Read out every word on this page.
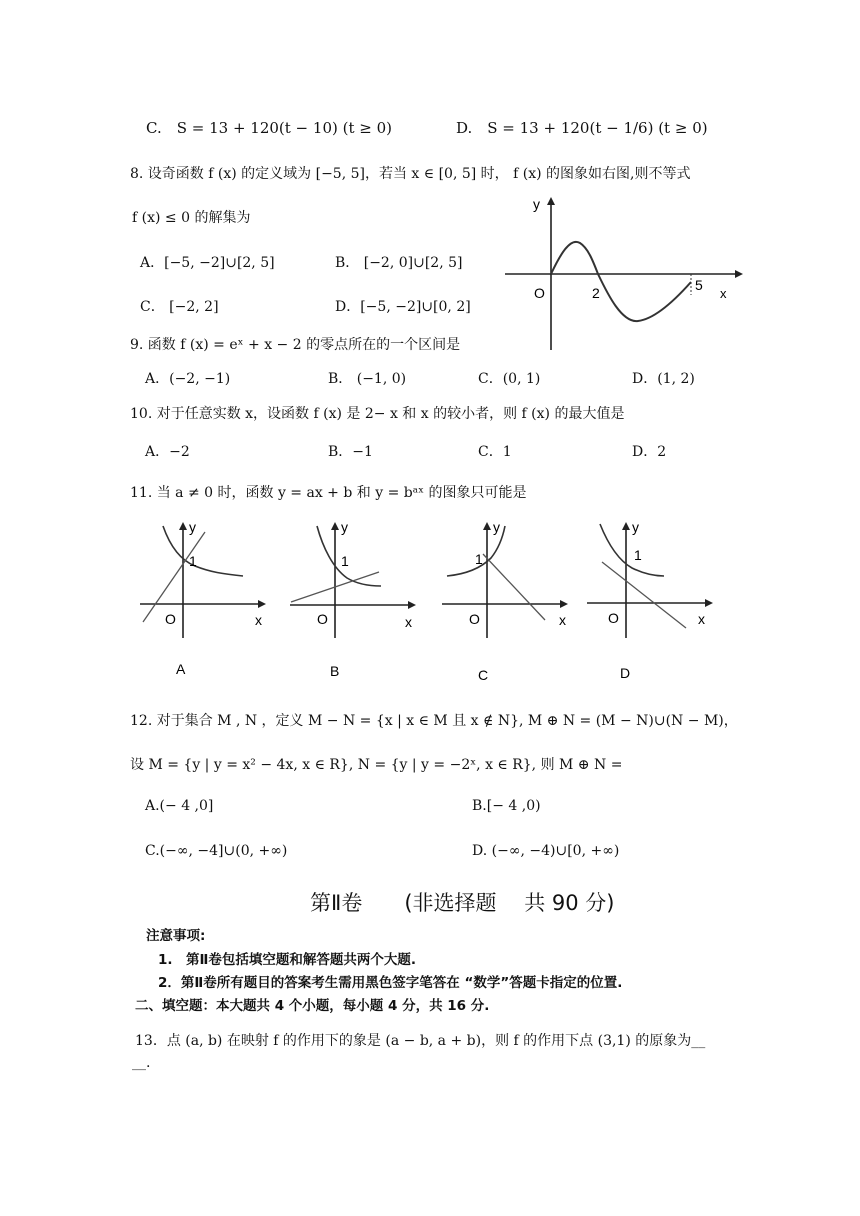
C.　S = 13 + 120(t − 10) (t ≥ 0)	D.　S = 13 + 120(t − 1/6) (t ≥ 0)
8. 设奇函数 f (x) 的定义域为 [−5, 5]，若当 x ∈ [0, 5] 时， f (x) 的图象如右图,则不等式
f (x) ≤ 0 的解集为
A．[−5, −2]∪[2, 5]	B． [−2, 0]∪[2, 5]
C． [−2, 2]	D．[−5, −2]∪[0, 2]
y
x
O	2	5
9. 函数 f (x) = eˣ + x − 2 的零点所在的一个区间是
A．(−2, −1)	B． (−1, 0)	C．(0, 1)	D．(1, 2)
10. 对于任意实数 x，设函数 f (x) 是 2− x 和 x 的较小者，则 f (x) 的最大值是
A．−2	B．−1	C．1	D．2
11. 当 a ≠ 0 时，函数 y = ax + b 和 y = bᵃˣ 的图象只可能是
y
1
O	x
A
y
1
O	x
B
y
1
O	x
C
y
1
O	x
D
12. 对于集合 M , N ，定义 M − N = {x | x ∈ M 且 x ∉ N}, M ⊕ N = (M − N)∪(N − M)，
设 M = {y | y = x² − 4x, x ∈ R}, N = {y | y = −2ˣ, x ∈ R}, 则 M ⊕ N =
A.(− 4 ,0]	B.[− 4 ,0)
C.(−∞, −4]∪(0, +∞)	D. (−∞, −4)∪[0, +∞)
第Ⅱ卷　　(非选择题　 共 90 分)
注意事项:
1.　第Ⅱ卷包括填空题和解答题共两个大题.
2．第Ⅱ卷所有题目的答案考生需用黑色签字笔答在 “数学”答题卡指定的位置.
二、填空题：本大题共 4 个小题，每小题 4 分，共 16 分.
13．点 (a, b) 在映射 f 的作用下的象是 (a − b, a + b)，则 f 的作用下点 (3,1) 的原象为__
__.
